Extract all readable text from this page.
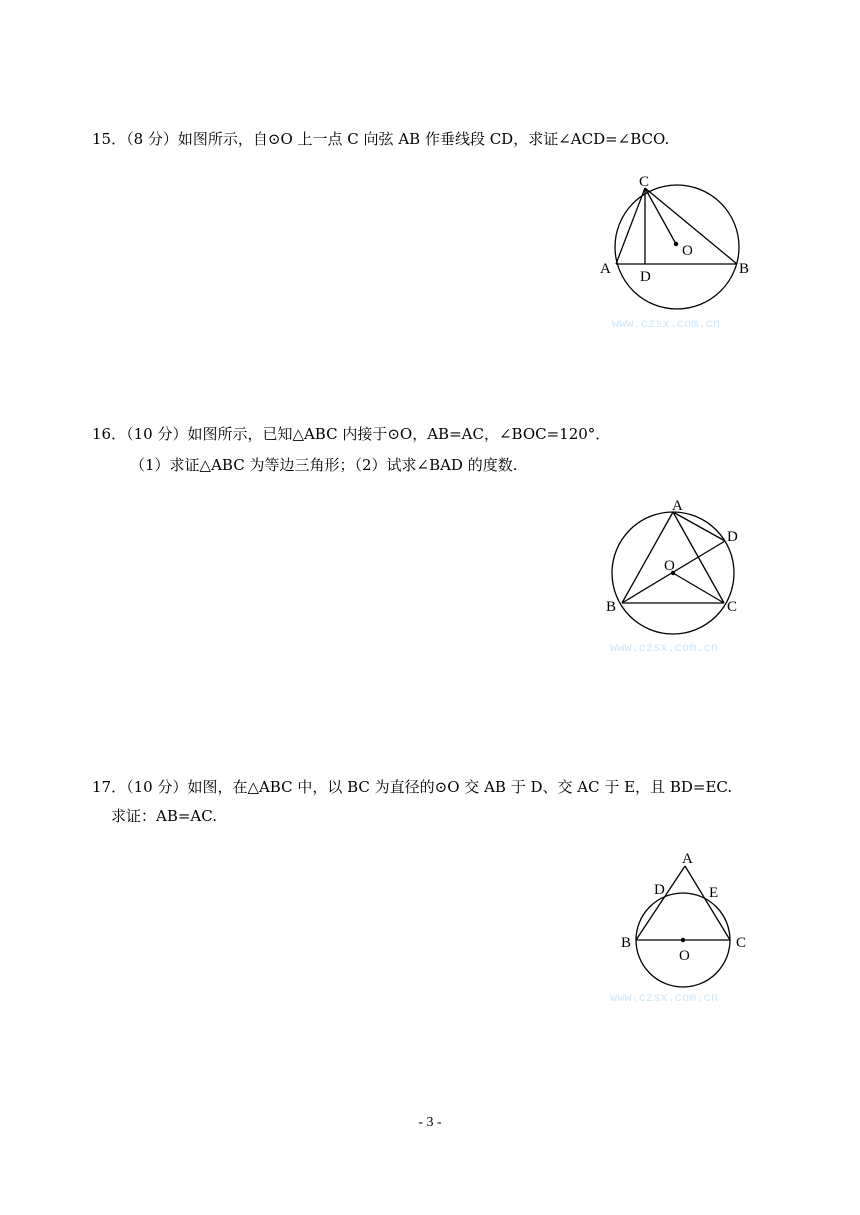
15．（8 分）如图所示，自⊙O 上一点 C 向弦 AB 作垂线段 CD，求证∠ACD=∠BCO.
C
O
A D	B
www.czsx.com.cn
16．（10 分）如图所示，已知△ABC 内接于⊙O，AB=AC，∠BOC=120°．
（1）求证△ABC 为等边三角形；（2）试求∠BAD 的度数.
A
D
O
B	C
www.czsx.com.cn
17．（10 分）如图，在△ABC 中，以 BC 为直径的⊙O 交 AB 于 D、交 AC 于 E，且 BD=EC.
求证：AB=AC.
A
D	E
B	C
O
www.czsx.com.cn
- 3 -
